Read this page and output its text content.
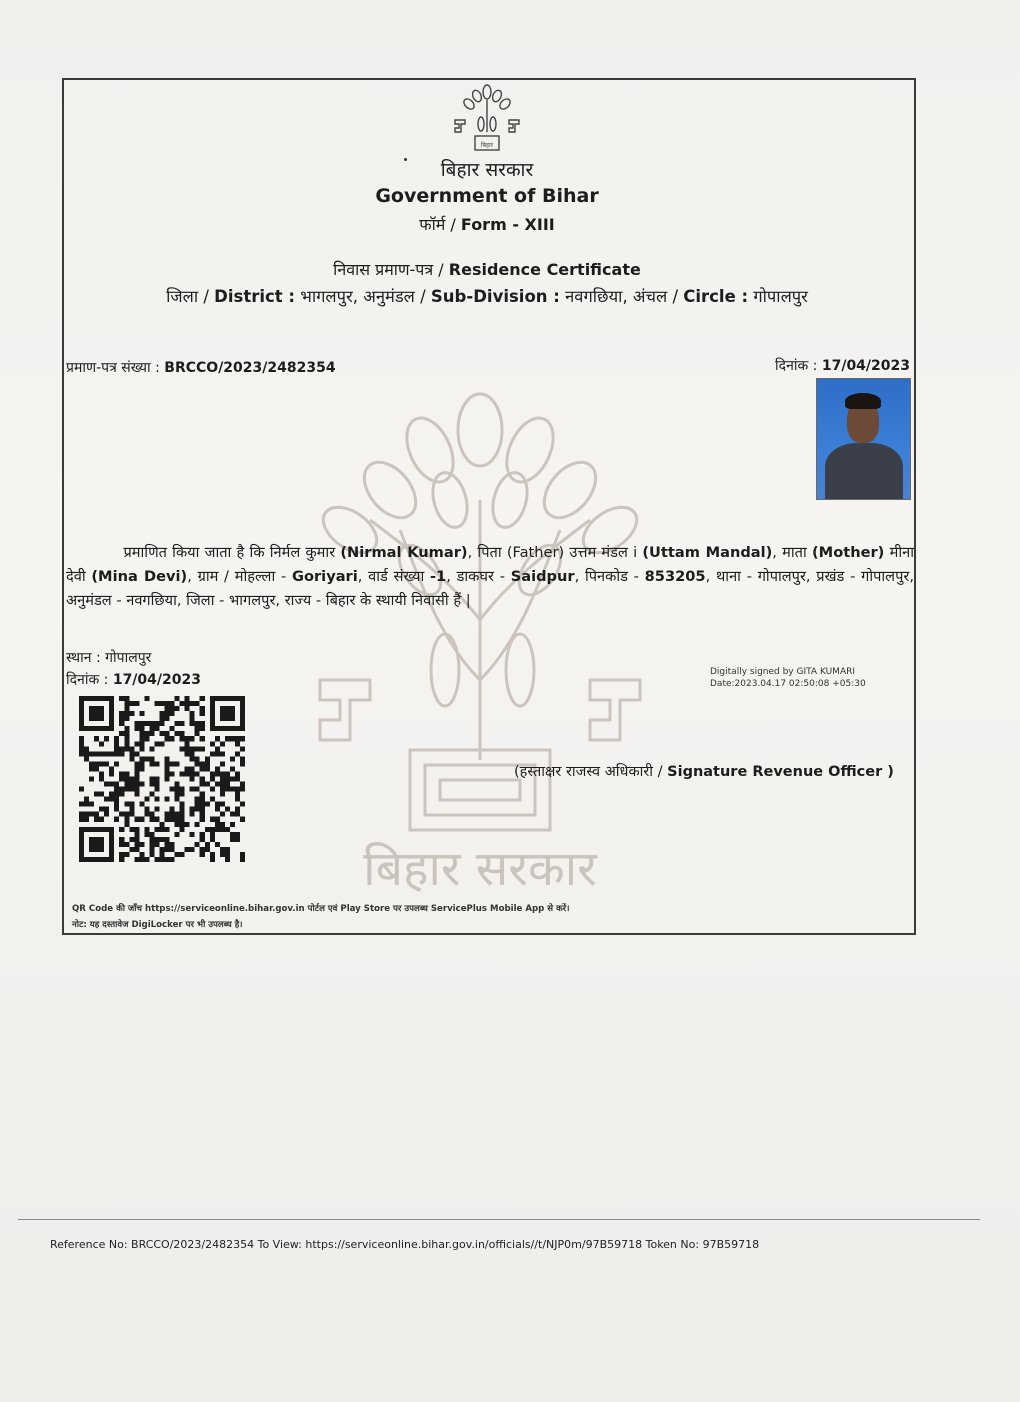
बिहार सरकार
बिहार
बिहार सरकार
Government of Bihar
फॉर्म / Form - XIII
निवास प्रमाण-पत्र / Residence Certificate
जिला / District : भागलपुर, अनुमंडल / Sub-Division : नवगछिया, अंचल / Circle : गोपालपुर
प्रमाण-पत्र संख्या : BRCCO/2023/2482354	दिनांक : 17/04/2023
प्रमाणित किया जाता है कि निर्मल कुमार (Nirmal Kumar), पिता (Father) उत्तम मंडल i (Uttam Mandal), माता (Mother) मीना देवी (Mina Devi), ग्राम / मोहल्ला - Goriyari, वार्ड संख्या -1, डाकघर - Saidpur, पिनकोड - 853205, थाना - गोपालपुर, प्रखंड - गोपालपुर, अनुमंडल - नवगछिया, जिला - भागलपुर, राज्य - बिहार के स्थायी निवासी हैं |
स्थान : गोपालपुर
दिनांक : 17/04/2023	Digitally signed by GITA KUMARI
Date:2023.04.17 02:50:08 +05:30
(हस्ताक्षर राजस्व अधिकारी / Signature Revenue Officer )
QR Code की जाँच https://serviceonline.bihar.gov.in पोर्टल एवं Play Store पर उपलब्ध ServicePlus Mobile App से करें।
नोट: यह दस्तावेज DigiLocker पर भी उपलब्ध है।
Reference No: BRCCO/2023/2482354 To View: https://serviceonline.bihar.gov.in/officials//t/NJP0m/97B59718 Token No: 97B59718
